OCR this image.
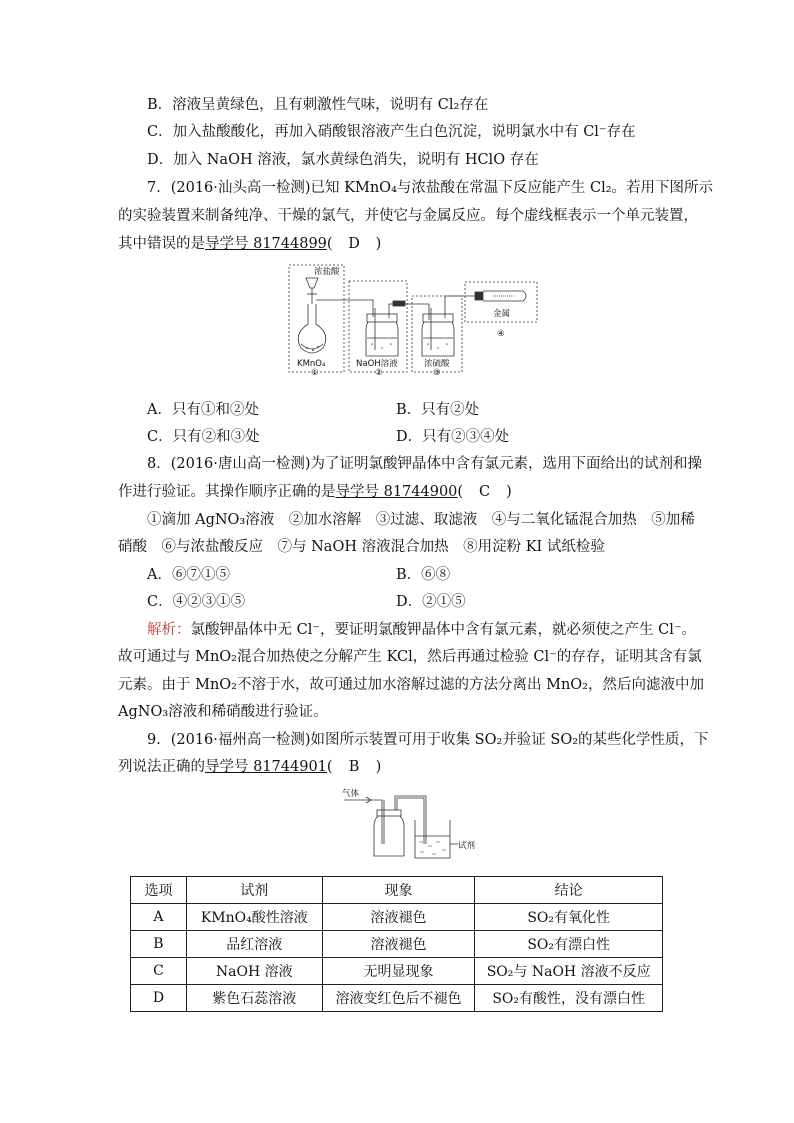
B．溶液呈黄绿色，且有刺激性气味，说明有 Cl₂存在
C．加入盐酸酸化，再加入硝酸银溶液产生白色沉淀，说明氯水中有 Cl⁻存在
D．加入 NaOH 溶液，氯水黄绿色消失，说明有 HClO 存在
7．(2016·汕头高一检测)已知 KMnO₄与浓盐酸在常温下反应能产生 Cl₂。若用下图所示
的实验装置来制备纯净、干燥的氯气，并使它与金属反应。每个虚线框表示一个单元装置，
其中错误的是导学号 81744899(　D　)
浓盐酸
KMnO₄	NaOH溶液	浓硫酸
金属
①	②	③
④
A．只有①和②处	B．只有②处
C．只有②和③处	D．只有②③④处
8．(2016·唐山高一检测)为了证明氯酸钾晶体中含有氯元素，选用下面给出的试剂和操
作进行验证。其操作顺序正确的是导学号 81744900(　C　)
①滴加 AgNO₃溶液　②加水溶解　③过滤、取滤液　④与二氧化锰混合加热　⑤加稀
硝酸　⑥与浓盐酸反应　⑦与 NaOH 溶液混合加热　⑧用淀粉 KI 试纸检验
A．⑥⑦①⑤	B．⑥⑧
C．④②③①⑤	D．②①⑤
解析：氯酸钾晶体中无 Cl⁻，要证明氯酸钾晶体中含有氯元素，就必须使之产生 Cl⁻。
故可通过与 MnO₂混合加热使之分解产生 KCl，然后再通过检验 Cl⁻的存存，证明其含有氯
元素。由于 MnO₂不溶于水，故可通过加水溶解过滤的方法分离出 MnO₂，然后向滤液中加
AgNO₃溶液和稀硝酸进行验证。
9．(2016·福州高一检测)如图所示装置可用于收集 SO₂并验证 SO₂的某些化学性质，下
列说法正确的导学号 81744901(　B　)
气体
试剂
选项	试剂	现象	结论
A	KMnO₄酸性溶液	溶液褪色	SO₂有氧化性
B	品红溶液	溶液褪色	SO₂有漂白性
C	NaOH 溶液	无明显现象	SO₂与 NaOH 溶液不反应
D	紫色石蕊溶液	溶液变红色后不褪色	SO₂有酸性，没有漂白性
